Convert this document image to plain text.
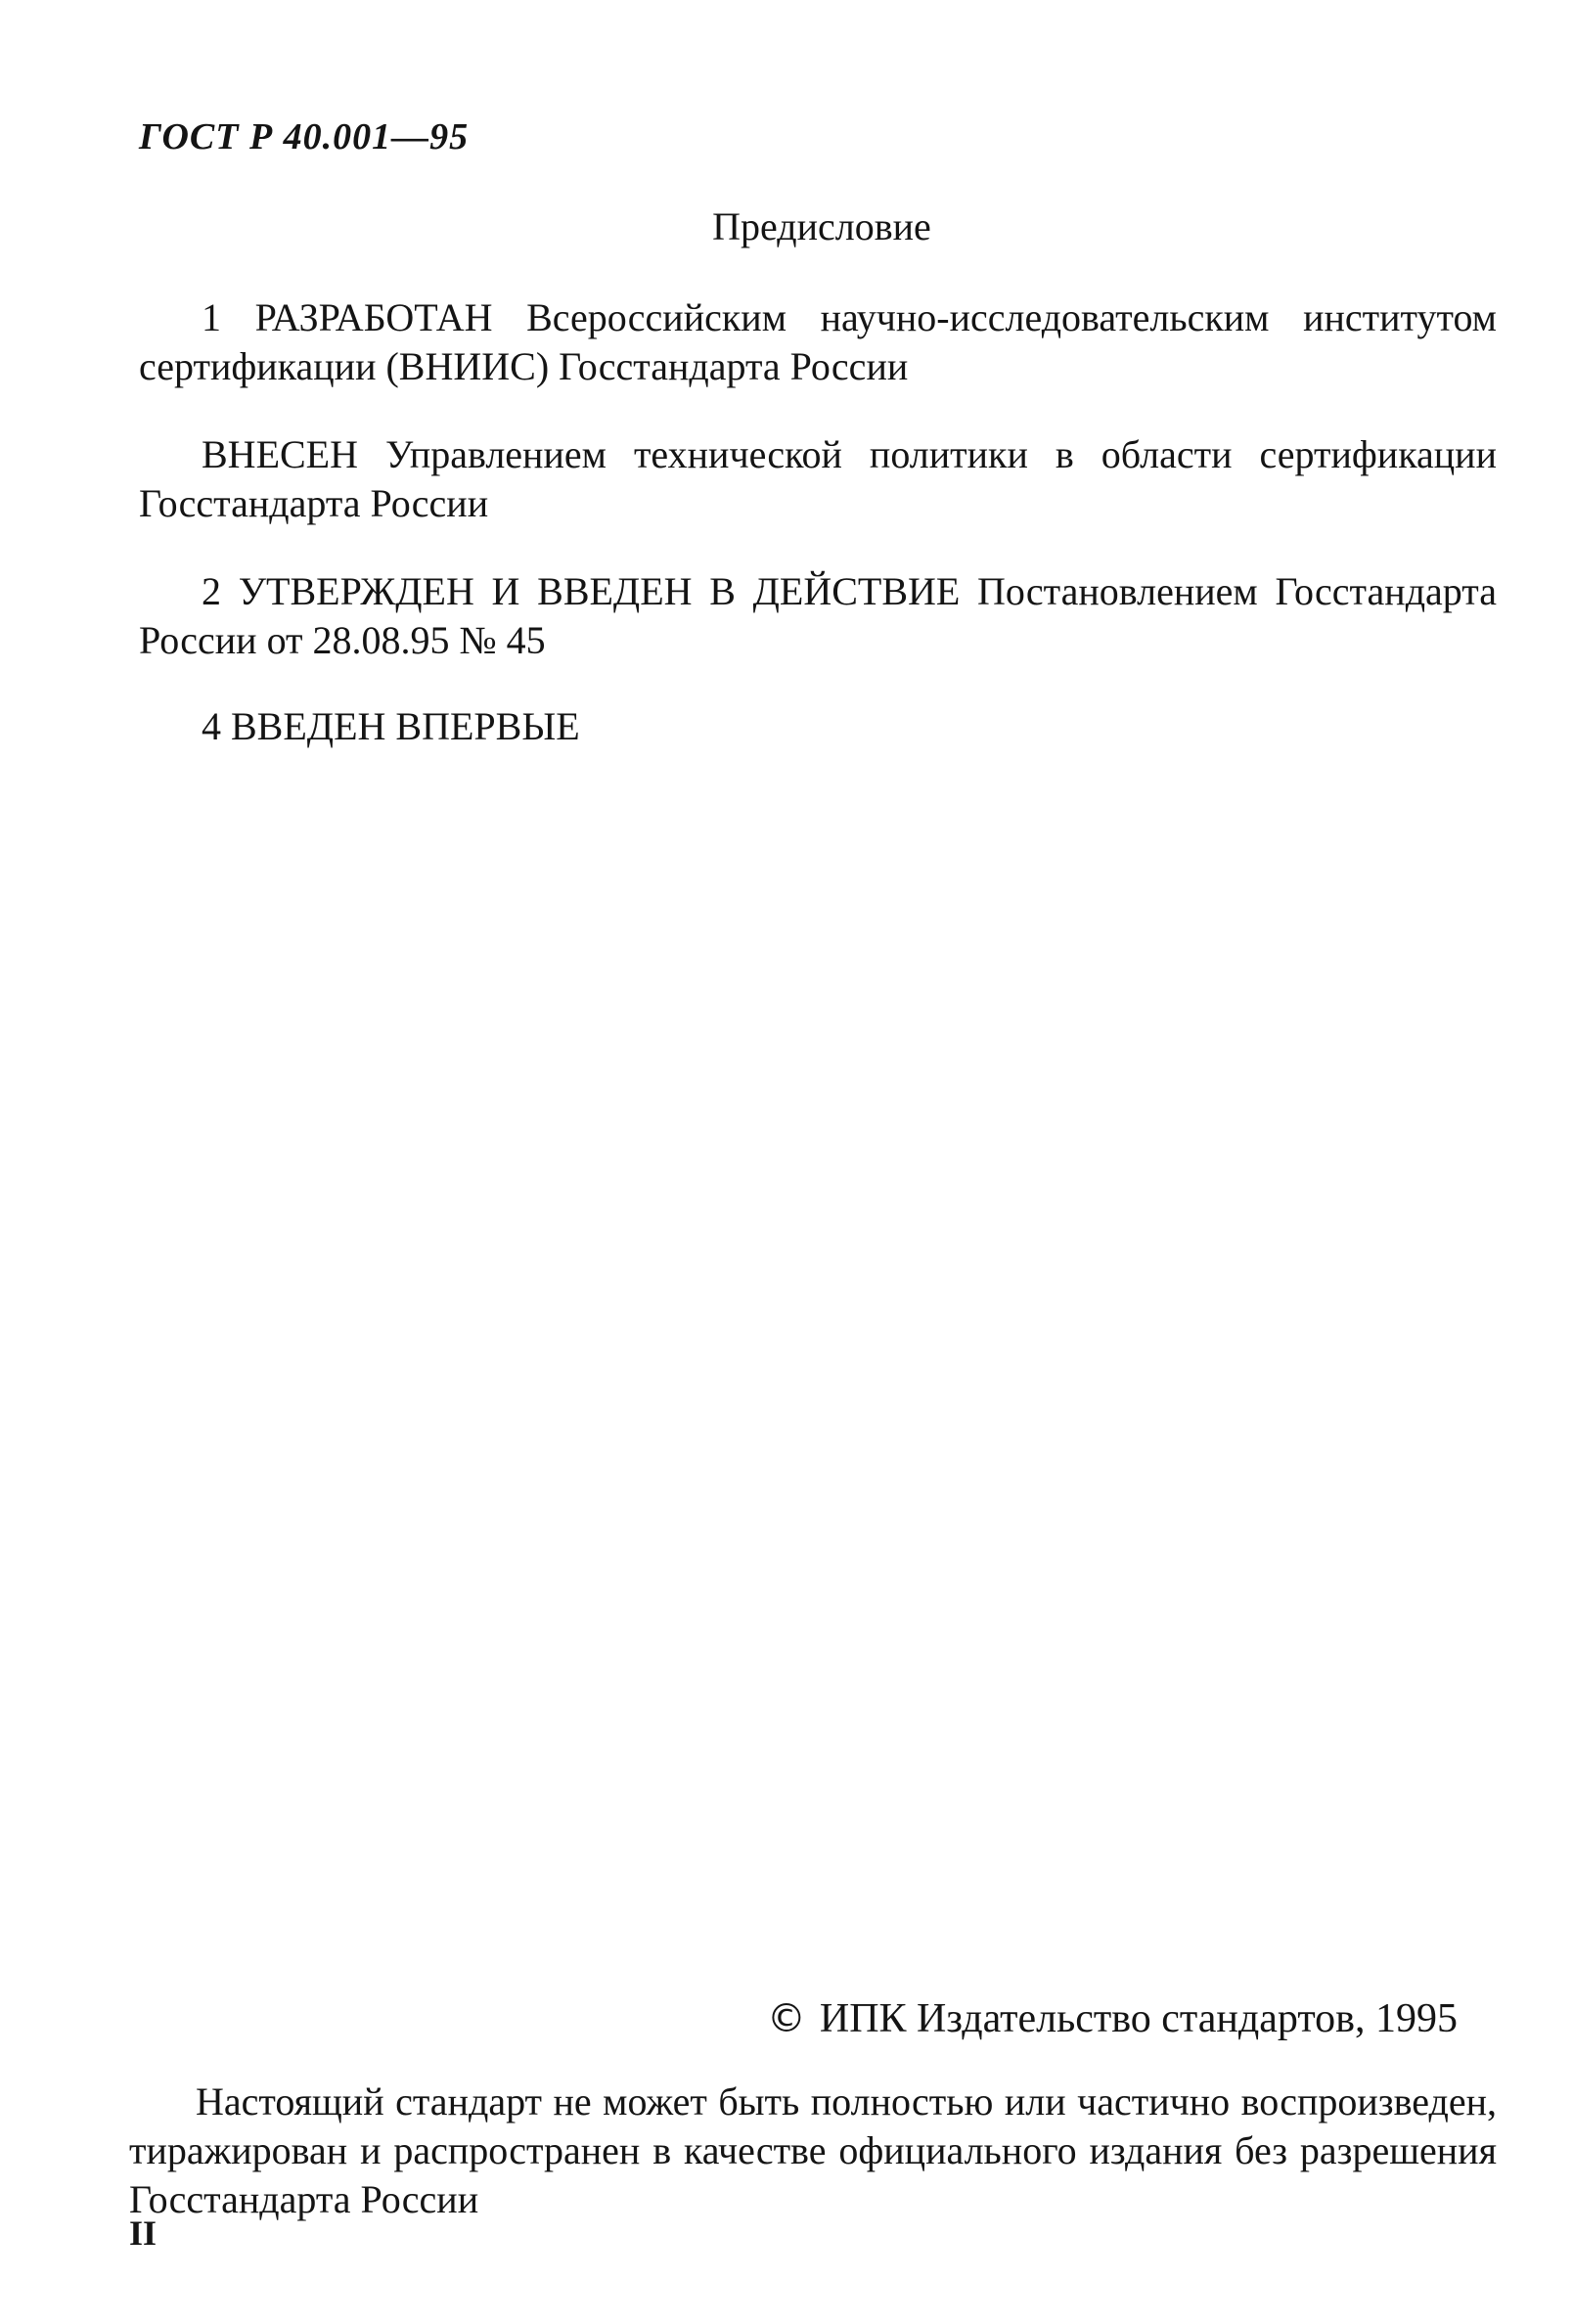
ГОСТ Р 40.001—95
Предисловие
1 РАЗРАБОТАН Всероссийским научно-исследовательским институтом сертификации (ВНИИС) Госстандарта России
ВНЕСЕН Управлением технической политики в области сертификации Госстандарта России
2 УТВЕРЖДЕН И ВВЕДЕН В ДЕЙСТВИЕ Постановлением Госстандарта России от 28.08.95 № 45
4 ВВЕДЕН ВПЕРВЫЕ
© ИПК Издательство стандартов, 1995
Настоящий стандарт не может быть полностью или частично воспроизведен, тиражирован и распространен в качестве официального издания без разрешения Госстандарта России
II
